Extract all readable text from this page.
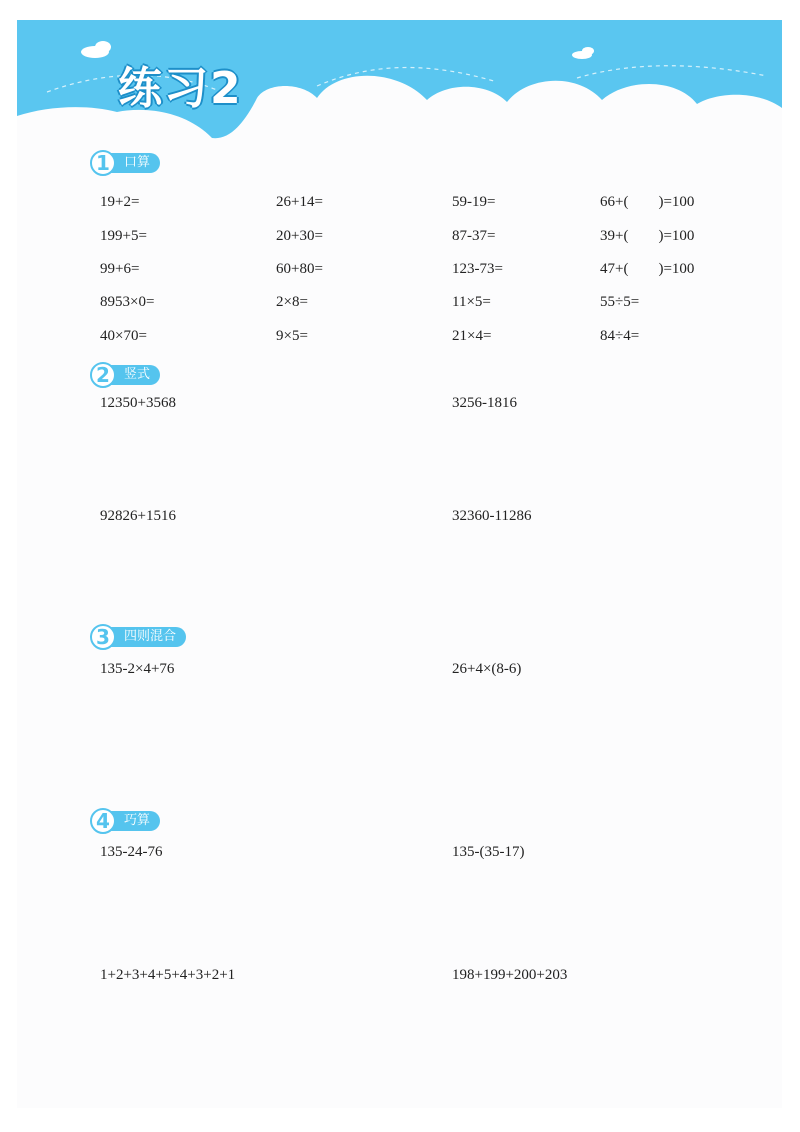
练习2
口算
1
19+2=	26+14=	59-19=	66+(        )=100
199+5=	20+30=	87-37=	39+(        )=100
99+6=	60+80=	123-73=	47+(        )=100
8953×0=	2×8=	11×5=	55÷5=
40×70=	9×5=	21×4=	84÷4=
竖式
2
12350+3568	3256-1816
92826+1516	32360-11286
四则混合
3
135-2×4+76	26+4×(8-6)
巧算
4
135-24-76	135-(35-17)
1+2+3+4+5+4+3+2+1	198+199+200+203
